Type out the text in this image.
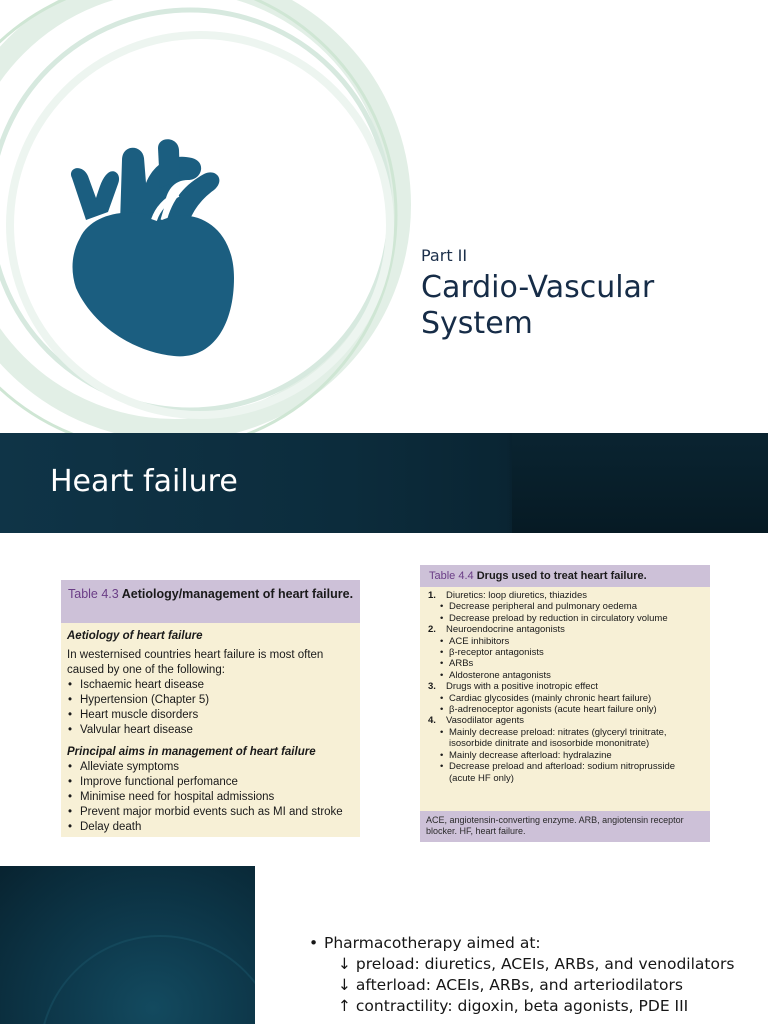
Part II
Cardio-Vascular System
Heart failure
Table 4.3 Aetiology/management of heart failure.
Aetiology of heart failure
In westernised countries heart failure is most often caused by one of the following:
• Ischaemic heart disease
• Hypertension (Chapter 5)
• Heart muscle disorders
• Valvular heart disease
Principal aims in management of heart failure
• Alleviate symptoms
• Improve functional perfomance
• Minimise need for hospital admissions
• Prevent major morbid events such as MI and stroke
• Delay death
Table 4.4 Drugs used to treat heart failure.
1. Diuretics: loop diuretics, thiazides
• Decrease peripheral and pulmonary oedema
• Decrease preload by reduction in circulatory volume
2. Neuroendocrine antagonists
• ACE inhibitors
• β-receptor antagonists
• ARBs
• Aldosterone antagonists
3. Drugs with a positive inotropic effect
• Cardiac glycosides (mainly chronic heart failure)
• β-adrenoceptor agonists (acute heart failure only)
4. Vasodilator agents
• Mainly decrease preload: nitrates (glyceryl trinitrate, isosorbide dinitrate and isosorbide mononitrate)
• Mainly decrease afterload: hydralazine
• Decrease preload and afterload: sodium nitroprusside (acute HF only)
ACE, angiotensin-converting enzyme. ARB, angiotensin receptor blocker. HF, heart failure.
• Pharmacotherapy aimed at:
↓ preload: diuretics, ACEIs, ARBs, and venodilators
↓ afterload: ACEIs, ARBs, and arteriodilators
↑ contractility: digoxin, beta agonists, PDE III
